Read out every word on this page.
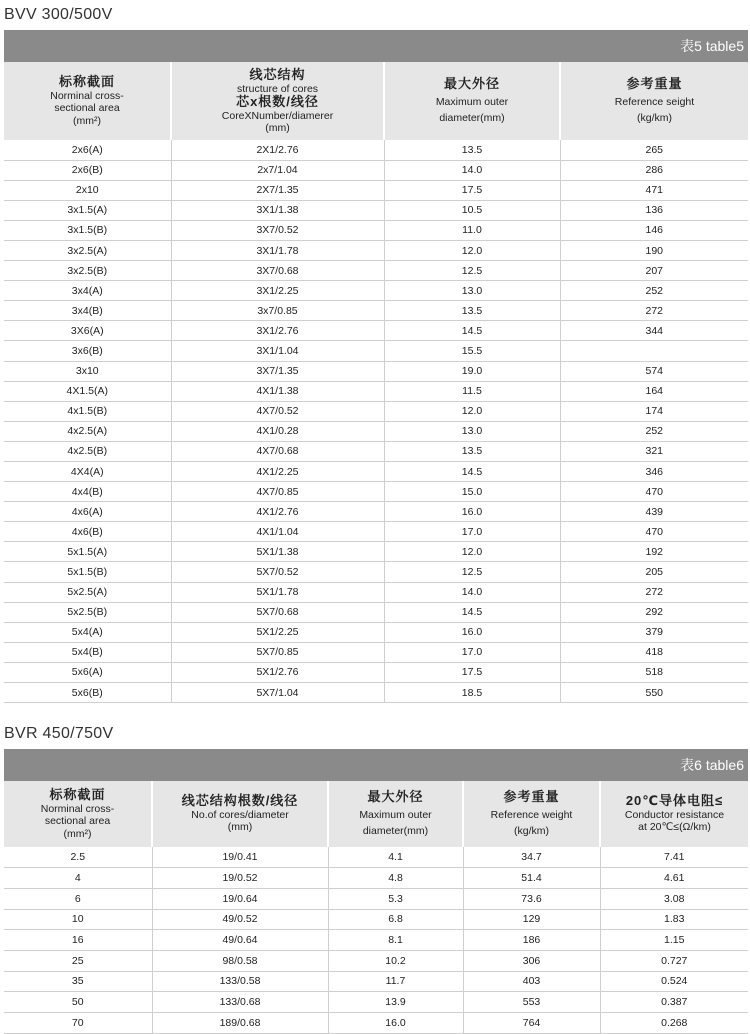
BVV 300/500V
表5 table5
标称截面
Norminal cross-
sectional area
(mm²)	线芯结构
structure of cores
芯x根数/线径
CoreXNumber/diamerer
(mm)	最大外径
Maximum outer
diameter(mm)	参考重量
Reference seight
(kg/km)

2x6(A)	2X1/2.76	13.5	265
2x6(B)	2x7/1.04	14.0	286
2x10	2X7/1.35	17.5	471
3x1.5(A)	3X1/1.38	10.5	136
3x1.5(B)	3X7/0.52	11.0	146
3x2.5(A)	3X1/1.78	12.0	190
3x2.5(B)	3X7/0.68	12.5	207
3x4(A)	3X1/2.25	13.0	252
3x4(B)	3x7/0.85	13.5	272
3X6(A)	3X1/2.76	14.5	344
3x6(B)	3X1/1.04	15.5	
3x10	3X7/1.35	19.0	574
4X1.5(A)	4X1/1.38	11.5	164
4x1.5(B)	4X7/0.52	12.0	174
4x2.5(A)	4X1/0.28	13.0	252
4x2.5(B)	4X7/0.68	13.5	321
4X4(A)	4X1/2.25	14.5	346
4x4(B)	4X7/0.85	15.0	470
4x6(A)	4X1/2.76	16.0	439
4x6(B)	4X1/1.04	17.0	470
5x1.5(A)	5X1/1.38	12.0	192
5x1.5(B)	5X7/0.52	12.5	205
5x2.5(A)	5X1/1.78	14.0	272
5x2.5(B)	5X7/0.68	14.5	292
5x4(A)	5X1/2.25	16.0	379
5x4(B)	5X7/0.85	17.0	418
5x6(A)	5X1/2.76	17.5	518
5x6(B)	5X7/1.04	18.5	550
BVR 450/750V
表6 table6
标称截面
Norminal cross-
sectional area
(mm²)	线芯结构根数/线径
No.of cores/diameter
(mm)	最大外径
Maximum outer
diameter(mm)	参考重量
Reference weight
(kg/km)	20℃导体电阻≤
Conductor resistance
at 20℃≤(Ω/km)

2.5	19/0.41	4.1	34.7	7.41
4	19/0.52	4.8	51.4	4.61
6	19/0.64	5.3	73.6	3.08
10	49/0.52	6.8	129	1.83
16	49/0.64	8.1	186	1.15
25	98/0.58	10.2	306	0.727
35	133/0.58	11.7	403	0.524
50	133/0.68	13.9	553	0.387
70	189/0.68	16.0	764	0.268
